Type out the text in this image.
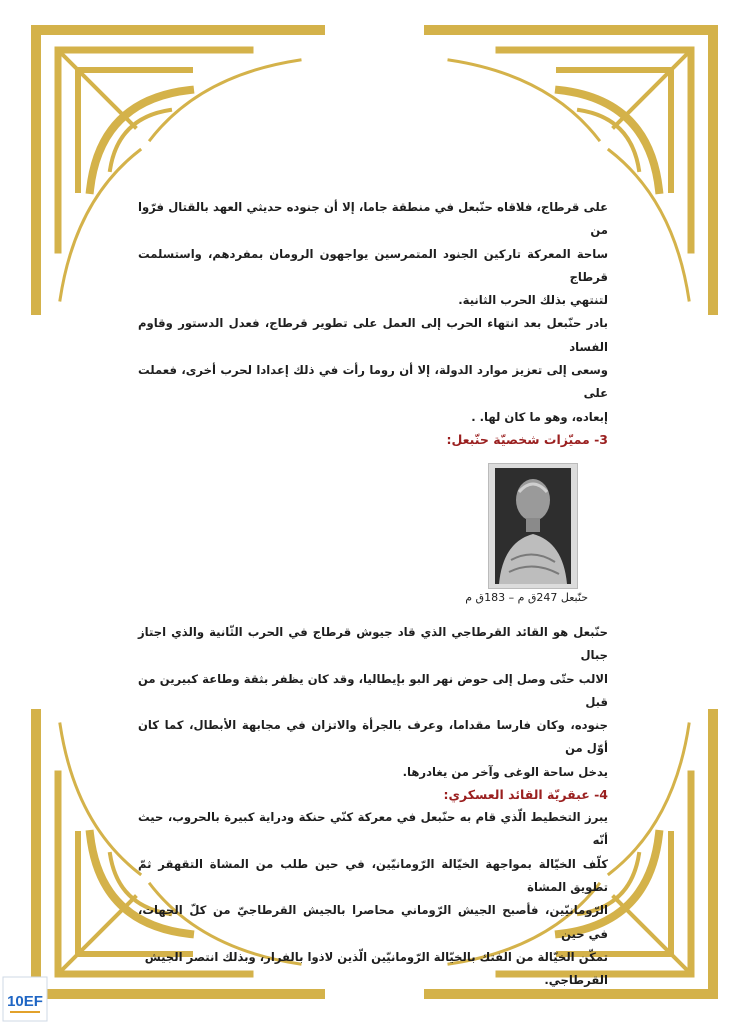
على قرطاج، فلاقاه حنّبعل في منطقة جاما، إلا أن جنوده حديثي العهد بالقتال فرّوا من

ساحة المعركة تاركين الجنود المتمرسين يواجهون الرومان بمفردهم، واستسلمت قرطاج

لتنتهي بذلك الحرب الثانية.

بادر حنّبعل بعد انتهاء الحرب إلى العمل على تطوير قرطاج، فعدل الدستور وقاوم الفساد

وسعى إلى تعزيز موارد الدولة، إلا أن روما رأت في ذلك إعدادا لحرب أخرى، فعملت على

إبعاده، وهو ما كان لها. .

3- مميّزات شخصيّة حنّبعل:

حنّبعل 247ق م – 183ق م

حنّبعل هو القائد القرطاجي الذي قاد جيوش قرطاج في الحرب الثّانية والذي اجتاز جبال

الالب حتّى وصل إلى حوض نهر البو بإيطاليا، وقد كان يظفر بثقة وطاعة كبيرين من قبل

جنوده، وكان فارسا مقداما، وعرف بالجرأة والاتزان في مجابهة الأبطال، كما كان أوّل من

يدخل ساحة الوغى وآخر من يغادرها.

4- عبقريّة القائد العسكري:

يبرز التخطيط الّذي قام به حنّبعل في معركة كنّي حنكة ودراية كبيرة بالحروب، حيث أنّه

كلّف الخيّالة بمواجهة الخيّالة الرّومانيّين، في حين طلب من المشاة التقهقر ثمّ تطويق المشاة

الرّومانيّين، فأصبح الجيش الرّوماني محاصرا بالجيش القرطاجيّ من كلّ الجهات، في حين

تمكّن الخيّالة من الفتك بالخيّالة الرّومانيّين الّذين لاذوا بالفرار، وبذلك انتصر الجيش

القرطاجي.

10EF
